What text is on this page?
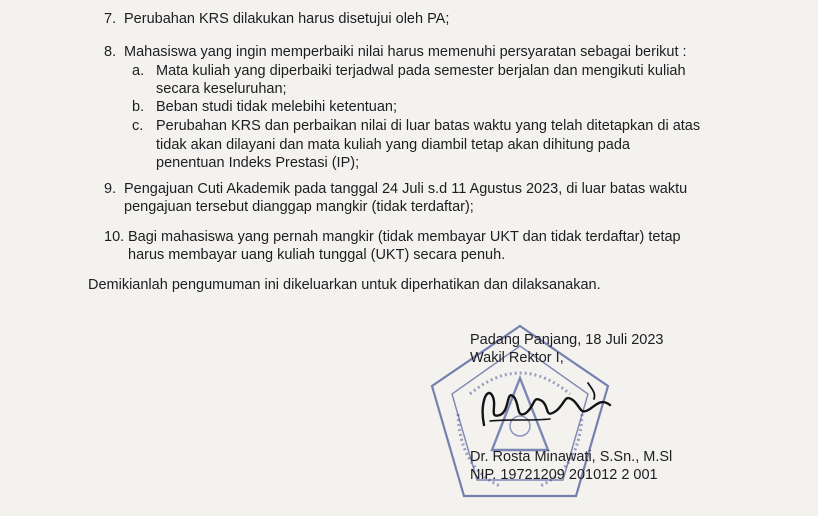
7. Perubahan KRS dilakukan harus disetujui oleh PA;
8. Mahasiswa yang ingin memperbaiki nilai harus memenuhi persyaratan sebagai berikut :
a. Mata kuliah yang diperbaiki terjadwal pada semester berjalan dan mengikuti kuliah
secara keseluruhan;
b. Beban studi tidak melebihi ketentuan;
c. Perubahan KRS dan perbaikan nilai di luar batas waktu yang telah ditetapkan di atas
tidak akan dilayani dan mata kuliah yang diambil tetap akan dihitung pada
penentuan Indeks Prestasi (IP);
9. Pengajuan Cuti Akademik pada tanggal 24 Juli s.d 11 Agustus 2023, di luar batas waktu
pengajuan tersebut dianggap mangkir (tidak terdaftar);
10. Bagi mahasiswa yang pernah mangkir (tidak membayar UKT dan tidak terdaftar) tetap
harus membayar uang kuliah tunggal (UKT) secara penuh.
Demikianlah pengumuman ini dikeluarkan untuk diperhatikan dan dilaksanakan.
Padang Panjang, 18 Juli 2023
Wakil Rektor I,
Dr. Rosta Minawati, S.Sn., M.Sl
NIP. 19721209 201012 2 001
